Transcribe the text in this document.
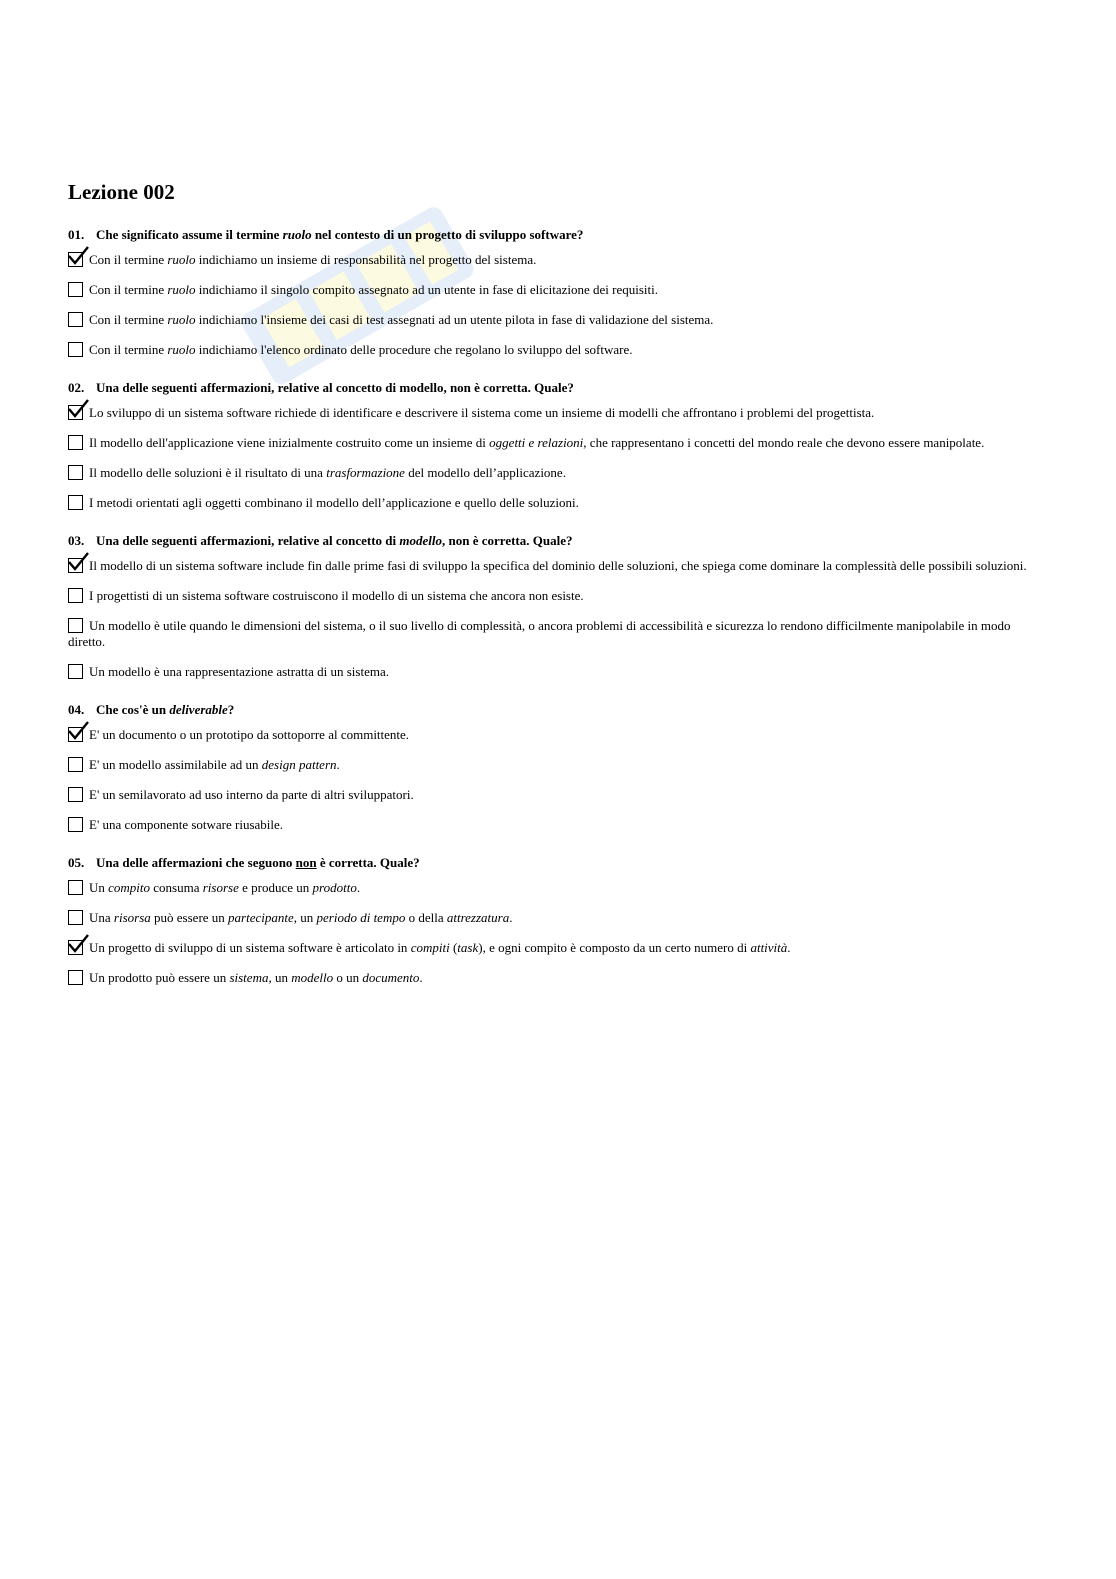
Lezione 002
01. Che significato assume il termine ruolo nel contesto di un progetto di sviluppo software?
Con il termine ruolo indichiamo un insieme di responsabilità nel progetto del sistema.
Con il termine ruolo indichiamo il singolo compito assegnato ad un utente in fase di elicitazione dei requisiti.
Con il termine ruolo indichiamo l'insieme dei casi di test assegnati ad un utente pilota in fase di validazione del sistema.
Con il termine ruolo indichiamo l'elenco ordinato delle procedure che regolano lo sviluppo del software.
02. Una delle seguenti affermazioni, relative al concetto di modello, non è corretta. Quale?
Lo sviluppo di un sistema software richiede di identificare e descrivere il sistema come un insieme di modelli che affrontano i problemi del progettista.
Il modello dell'applicazione viene inizialmente costruito come un insieme di oggetti e relazioni, che rappresentano i concetti del mondo reale che devono essere manipolate.
Il modello delle soluzioni è il risultato di una trasformazione del modello dell’applicazione.
I metodi orientati agli oggetti combinano il modello dell’applicazione e quello delle soluzioni.
03. Una delle seguenti affermazioni, relative al concetto di modello, non è corretta. Quale?
Il modello di un sistema software include fin dalle prime fasi di sviluppo la specifica del dominio delle soluzioni, che spiega come dominare la complessità delle possibili soluzioni.
I progettisti di un sistema software costruiscono il modello di un sistema che ancora non esiste.
Un modello è utile quando le dimensioni del sistema, o il suo livello di complessità, o ancora problemi di accessibilità e sicurezza lo rendono difficilmente manipolabile in modo diretto.
Un modello è una rappresentazione astratta di un sistema.
04. Che cos'è un deliverable?
E' un documento o un prototipo da sottoporre al committente.
E' un modello assimilabile ad un design pattern.
E' un semilavorato ad uso interno da parte di altri sviluppatori.
E' una componente sotware riusabile.
05. Una delle affermazioni che seguono non è corretta. Quale?
Un compito consuma risorse e produce un prodotto.
Una risorsa può essere un partecipante, un periodo di tempo o della attrezzatura.
Un progetto di sviluppo di un sistema software è articolato in compiti (task), e ogni compito è composto da un certo numero di attività.
Un prodotto può essere un sistema, un modello o un documento.
